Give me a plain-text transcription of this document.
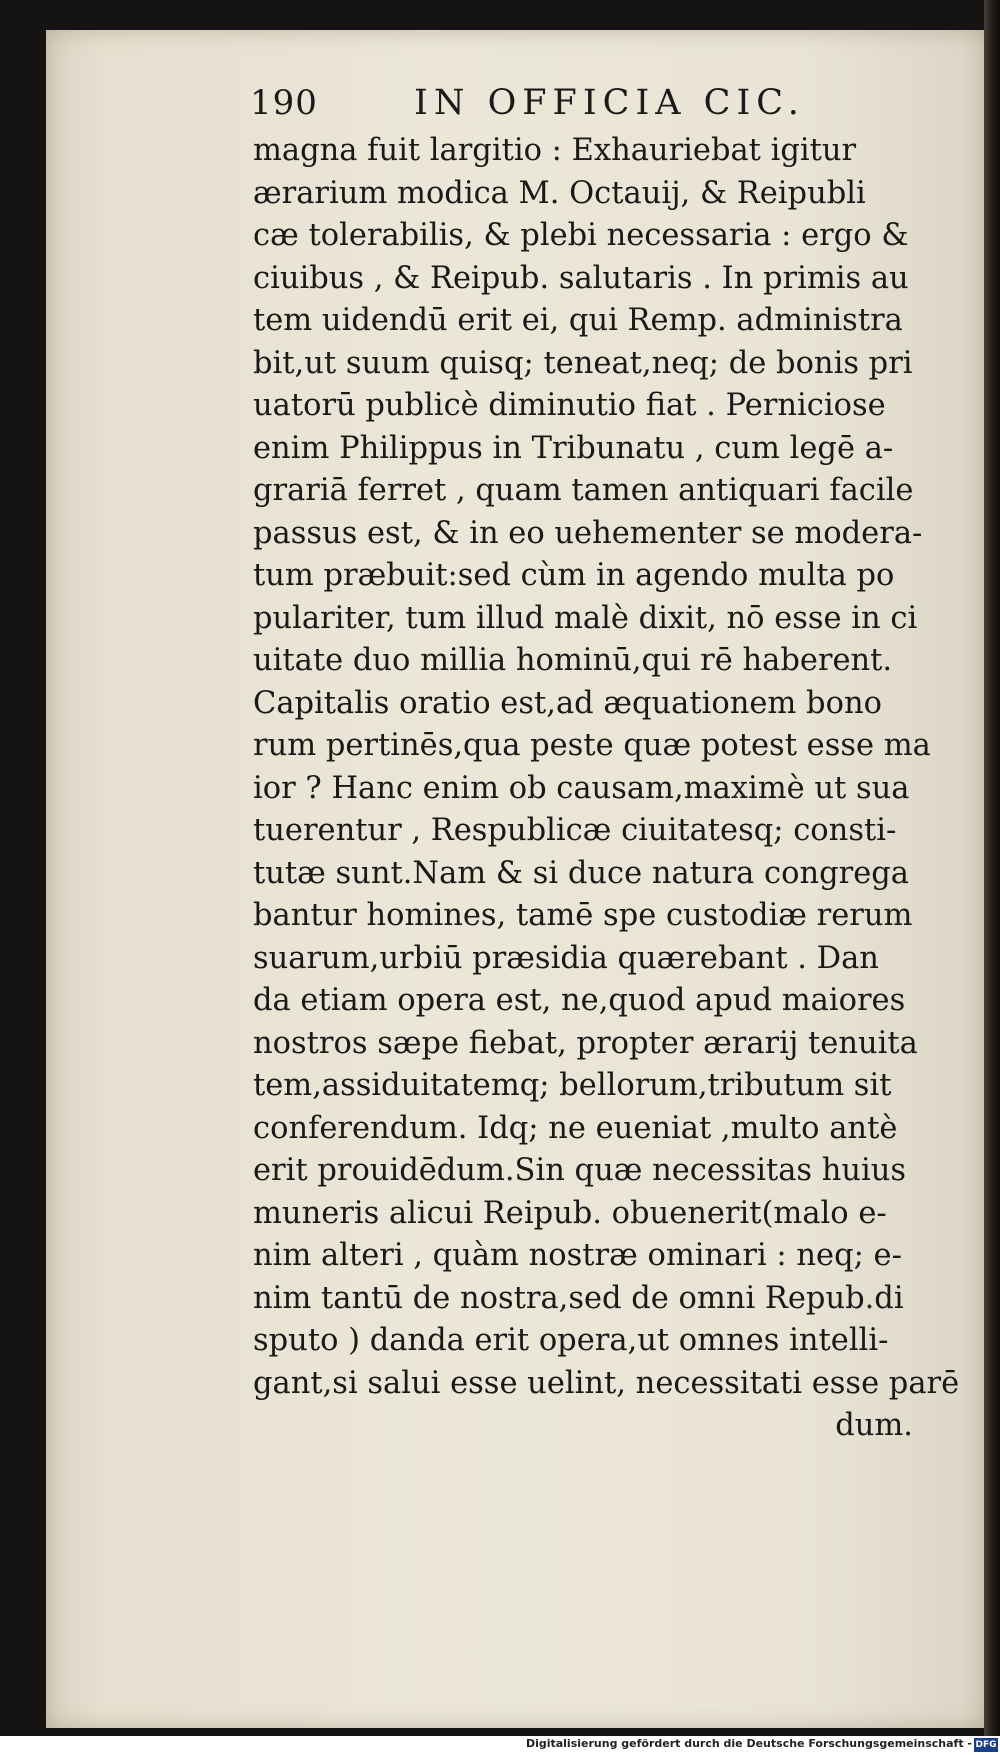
190	IN OFFICIA CIC.
magna fuit largitio : Exhauriebat igitur
ærarium modica M. Octauij, & Reipubli
cæ tolerabilis, & plebi necessaria : ergo &
ciuibus , & Reipub. salutaris . In primis au
tem uidendū erit ei, qui Remp. administra
bit,ut suum quisq; teneat,neq; de bonis pri
uatorū publicè diminutio fiat . Perniciose
enim Philippus in Tribunatu , cum legē a-
grariā ferret , quam tamen antiquari facile
passus est, & in eo uehementer se modera-
tum præbuit:sed cùm in agendo multa po
pulariter, tum illud malè dixit, nō esse in ci
uitate duo millia hominū,qui rē haberent.
Capitalis oratio est,ad æquationem bono
rum pertinēs,qua peste quæ potest esse ma
ior ? Hanc enim ob causam,maximè ut sua
tuerentur , Respublicæ ciuitatesq; consti-
tutæ sunt.Nam & si duce natura congrega
bantur homines, tamē spe custodiæ rerum
suarum,urbiū præsidia quærebant . Dan
da etiam opera est, ne,quod apud maiores
nostros sæpe fiebat, propter ærarij tenuita
tem,assiduitatemq; bellorum,tributum sit
conferendum. Idq; ne eueniat ,multo antè
erit prouidēdum.Sin quæ necessitas huius
muneris alicui Reipub. obuenerit(malo e-
nim alteri , quàm nostræ ominari : neq; e-
nim tantū de nostra,sed de omni Repub.di
sputo ) danda erit opera,ut omnes intelli-
gant,si salui esse uelint, necessitati esse parē
dum.
Digitalisierung gefördert durch die Deutsche Forschungsgemeinschaft - DFG
